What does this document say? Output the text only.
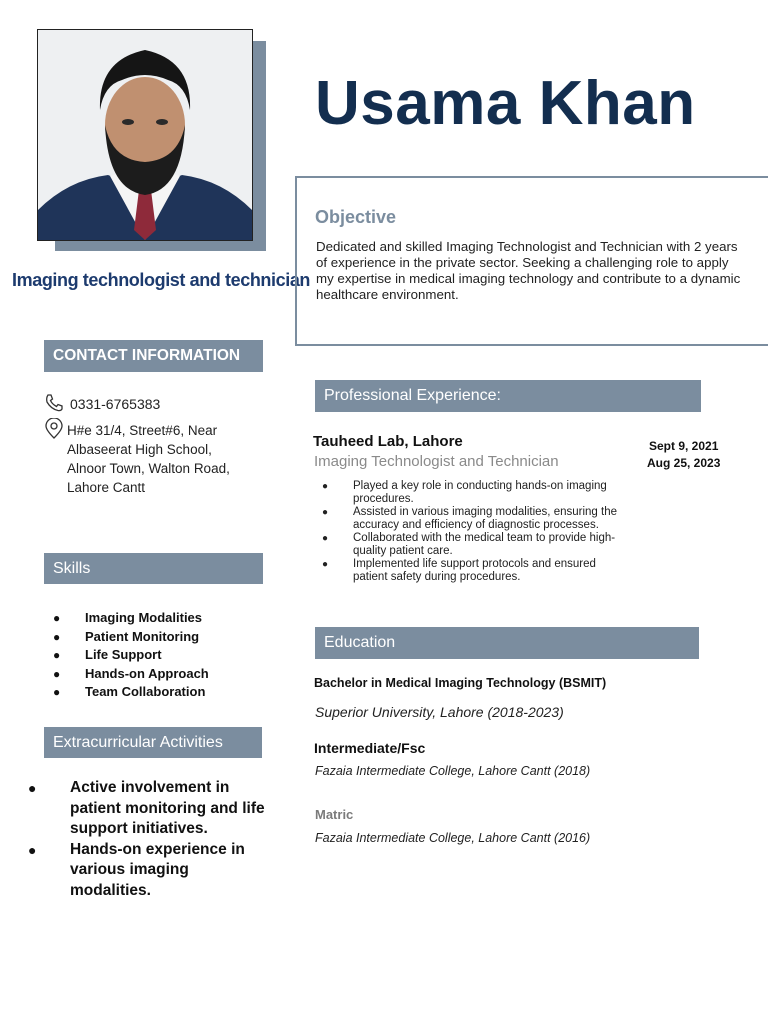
Usama Khan
Imaging technologist and technician
Objective
Dedicated and skilled Imaging Technologist and Technician with 2 years of experience in the private sector. Seeking a challenging role to apply my expertise in medical imaging technology and contribute to a dynamic healthcare environment.
CONTACT INFORMATION
0331-6765383
H#e 31/4, Street#6, Near
Albaseerat High School,
Alnoor Town, Walton Road,
Lahore Cantt
Skills
●	Imaging Modalities
●	Patient Monitoring
●	Life Support
●	Hands-on Approach
●	Team Collaboration
Extracurricular Activities
●	Active involvement in patient monitoring and life support initiatives.
●	Hands-on experience in various imaging modalities.
Professional Experience:
Tauheed Lab, Lahore
Imaging Technologist and Technician
Sept 9, 2021
Aug 25, 2023
●	Played a key role in conducting hands-on imaging procedures.
●	Assisted in various imaging modalities, ensuring the accuracy and efficiency of diagnostic processes.
●	Collaborated with the medical team to provide high-quality patient care.
●	Implemented life support protocols and ensured patient safety during procedures.
Education
Bachelor in Medical Imaging Technology (BSMIT)
Superior University, Lahore (2018-2023)
Intermediate/Fsc
Fazaia Intermediate College, Lahore Cantt (2018)
Matric
Fazaia Intermediate College, Lahore Cantt (2016)
